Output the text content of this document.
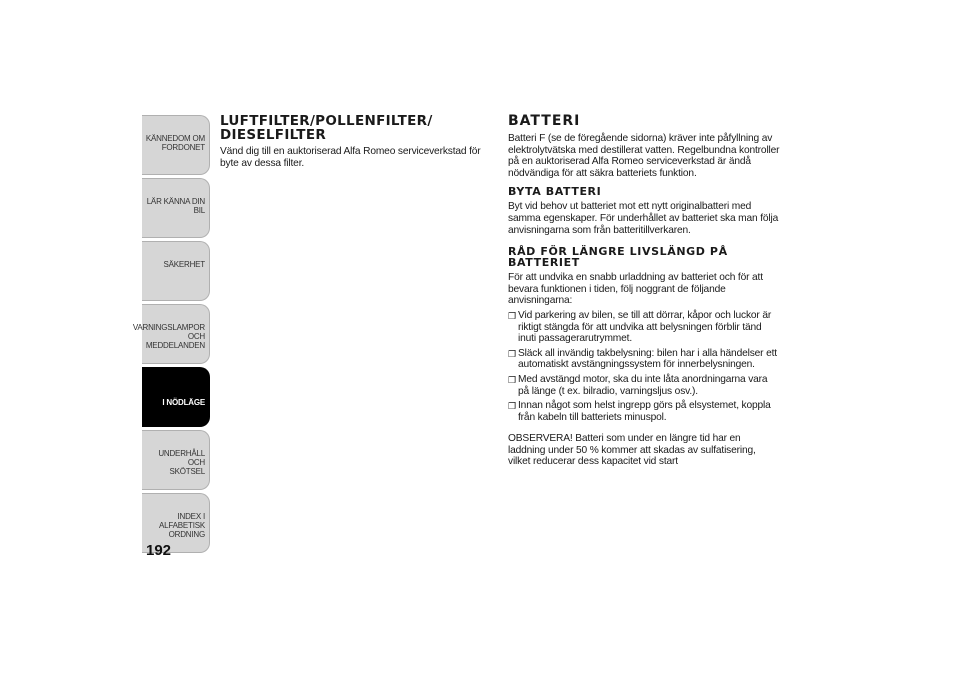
KÄNNEDOM OM
FORDONET
LÄR KÄNNA DIN BIL
SÄKERHET
VARNINGSLAMPOR
OCH MEDDELANDEN
I NÖDLÄGE
UNDERHÅLL OCH
SKÖTSEL
INDEX I ALFABETISK
ORDNING
192
LUFTFILTER/POLLENFILTER/
DIESELFILTER

Vänd dig till en auktoriserad Alfa Romeo serviceverkstad för byte av dessa filter.

BATTERI

Batteri F (se de föregående sidorna) kräver inte påfyllning av elektrolytvätska med destillerat vatten. Regelbundna kontroller på en auktoriserad Alfa Romeo serviceverkstad är ändå nödvändiga för att säkra batteriets funktion.

BYTA BATTERI

Byt vid behov ut batteriet mot ett nytt originalbatteri med samma egenskaper. För underhållet av batteriet ska man följa anvisningarna som från batteritillverkaren.

RÅD FÖR LÄNGRE LIVSLÄNGD PÅ BATTERIET

För att undvika en snabb urladdning av batteriet och för att bevara funktionen i tiden, följ noggrant de följande anvisningarna:

❒ Vid parkering av bilen, se till att dörrar, kåpor och luckor är riktigt stängda för att undvika att belysningen förblir tänd inuti passagerarutrymmet.
❒ Släck all invändig takbelysning: bilen har i alla händelser ett automatiskt avstängningssystem för innerbelysningen.
❒ Med avstängd motor, ska du inte låta anordningarna vara på länge (t ex. bilradio, varningsljus osv.).
❒ Innan något som helst ingrepp görs på elsystemet, koppla från kabeln till batteriets minuspol.

OBSERVERA! Batteri som under en längre tid har en laddning under 50 % kommer att skadas av sulfatisering, vilket reducerar dess kapacitet vid start
